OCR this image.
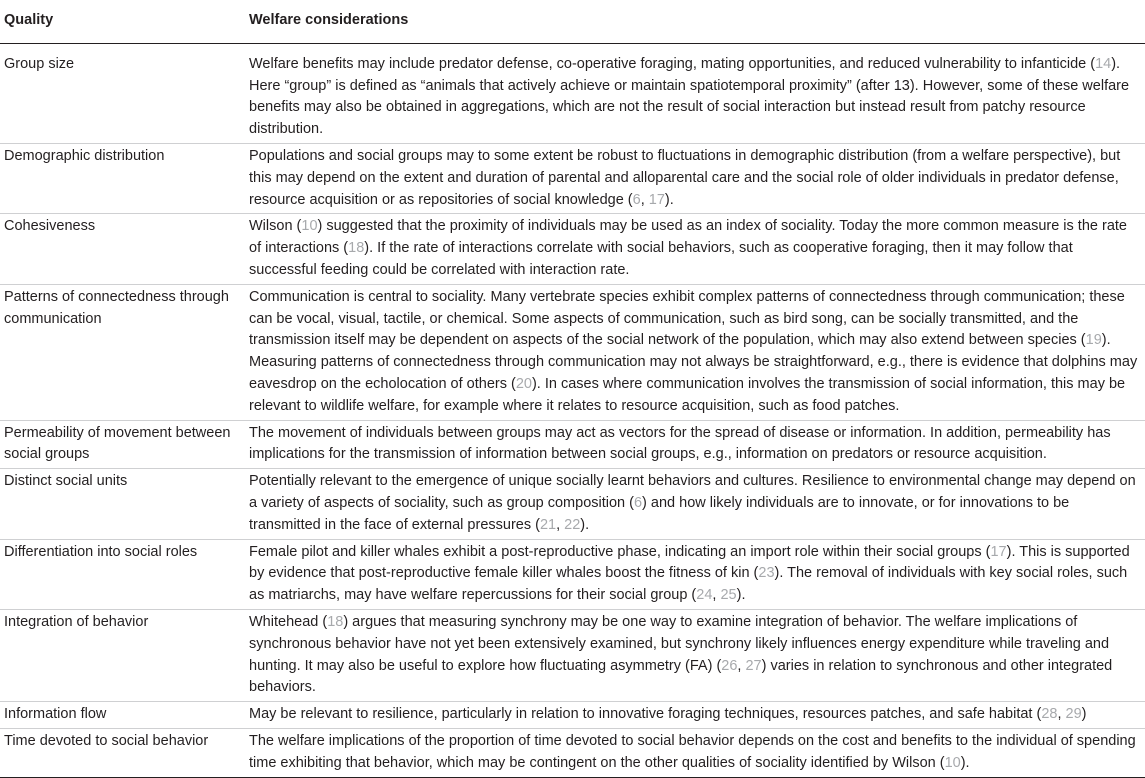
Quality	Welfare considerations
Group size	Welfare benefits may include predator defense, co-operative foraging, mating opportunities, and reduced vulnerability to infanticide (14). Here “group” is defined as “animals that actively achieve or maintain spatiotemporal proximity” (after 13). However, some of these welfare benefits may also be obtained in aggregations, which are not the result of social interaction but instead result from patchy resource distribution.
Demographic distribution	Populations and social groups may to some extent be robust to fluctuations in demographic distribution (from a welfare perspective), but this may depend on the extent and duration of parental and alloparental care and the social role of older individuals in predator defense, resource acquisition or as repositories of social knowledge (6, 17).
Cohesiveness	Wilson (10) suggested that the proximity of individuals may be used as an index of sociality. Today the more common measure is the rate of interactions (18). If the rate of interactions correlate with social behaviors, such as cooperative foraging, then it may follow that successful feeding could be correlated with interaction rate.
Patterns of connectedness through communication	Communication is central to sociality. Many vertebrate species exhibit complex patterns of connectedness through communication; these can be vocal, visual, tactile, or chemical. Some aspects of communication, such as bird song, can be socially transmitted, and the transmission itself may be dependent on aspects of the social network of the population, which may also extend between species (19). Measuring patterns of connectedness through communication may not always be straightforward, e.g., there is evidence that dolphins may eavesdrop on the echolocation of others (20). In cases where communication involves the transmission of social information, this may be relevant to wildlife welfare, for example where it relates to resource acquisition, such as food patches.
Permeability of movement between social groups	The movement of individuals between groups may act as vectors for the spread of disease or information. In addition, permeability has implications for the transmission of information between social groups, e.g., information on predators or resource acquisition.
Distinct social units	Potentially relevant to the emergence of unique socially learnt behaviors and cultures. Resilience to environmental change may depend on a variety of aspects of sociality, such as group composition (6) and how likely individuals are to innovate, or for innovations to be transmitted in the face of external pressures (21, 22).
Differentiation into social roles	Female pilot and killer whales exhibit a post-reproductive phase, indicating an import role within their social groups (17). This is supported by evidence that post-reproductive female killer whales boost the fitness of kin (23). The removal of individuals with key social roles, such as matriarchs, may have welfare repercussions for their social group (24, 25).
Integration of behavior	Whitehead (18) argues that measuring synchrony may be one way to examine integration of behavior. The welfare implications of synchronous behavior have not yet been extensively examined, but synchrony likely influences energy expenditure while traveling and hunting. It may also be useful to explore how fluctuating asymmetry (FA) (26, 27) varies in relation to synchronous and other integrated behaviors.
Information flow	May be relevant to resilience, particularly in relation to innovative foraging techniques, resources patches, and safe habitat (28, 29)
Time devoted to social behavior	The welfare implications of the proportion of time devoted to social behavior depends on the cost and benefits to the individual of spending time exhibiting that behavior, which may be contingent on the other qualities of sociality identified by Wilson (10).
